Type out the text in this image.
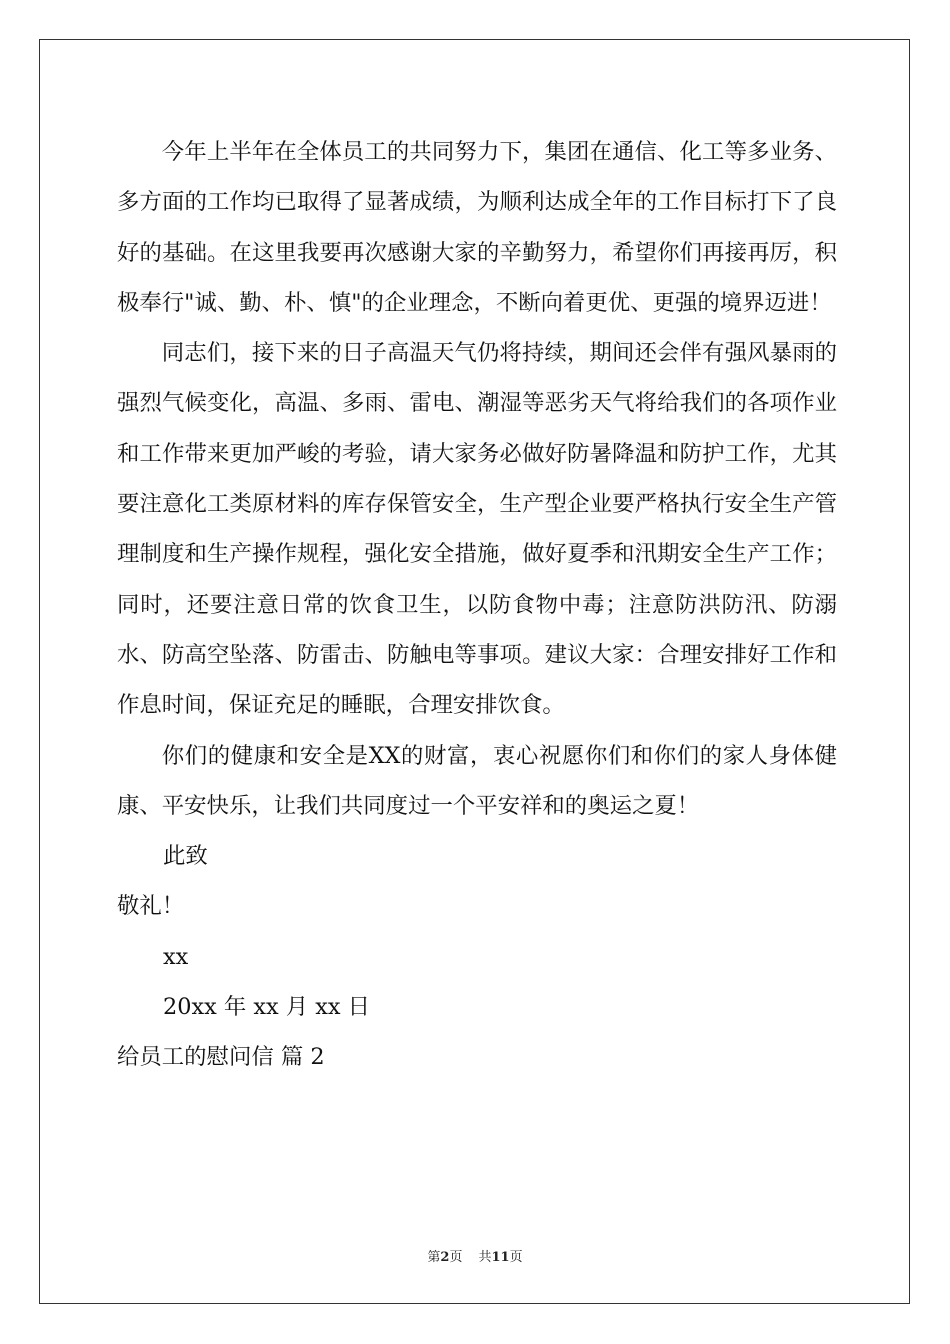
今年上半年在全体员工的共同努力下，集团在通信、化工等多业务、多方面的工作均已取得了显著成绩，为顺利达成全年的工作目标打下了良好的基础。在这里我要再次感谢大家的辛勤努力，希望你们再接再厉，积极奉行"诚、勤、朴、慎"的企业理念，不断向着更优、更强的境界迈进！

同志们，接下来的日子高温天气仍将持续，期间还会伴有强风暴雨的强烈气候变化，高温、多雨、雷电、潮湿等恶劣天气将给我们的各项作业和工作带来更加严峻的考验，请大家务必做好防暑降温和防护工作，尤其要注意化工类原材料的库存保管安全，生产型企业要严格执行安全生产管理制度和生产操作规程，强化安全措施，做好夏季和汛期安全生产工作；同时，还要注意日常的饮食卫生，以防食物中毒；注意防洪防汛、防溺水、防高空坠落、防雷击、防触电等事项。建议大家：合理安排好工作和作息时间，保证充足的睡眠，合理安排饮食。

你们的健康和安全是XX的财富，衷心祝愿你们和你们的家人身体健康、平安快乐，让我们共同度过一个平安祥和的奥运之夏！

此致

敬礼！

xx

20xx 年 xx 月 xx 日

给员工的慰问信 篇 2

第2页 共11页
